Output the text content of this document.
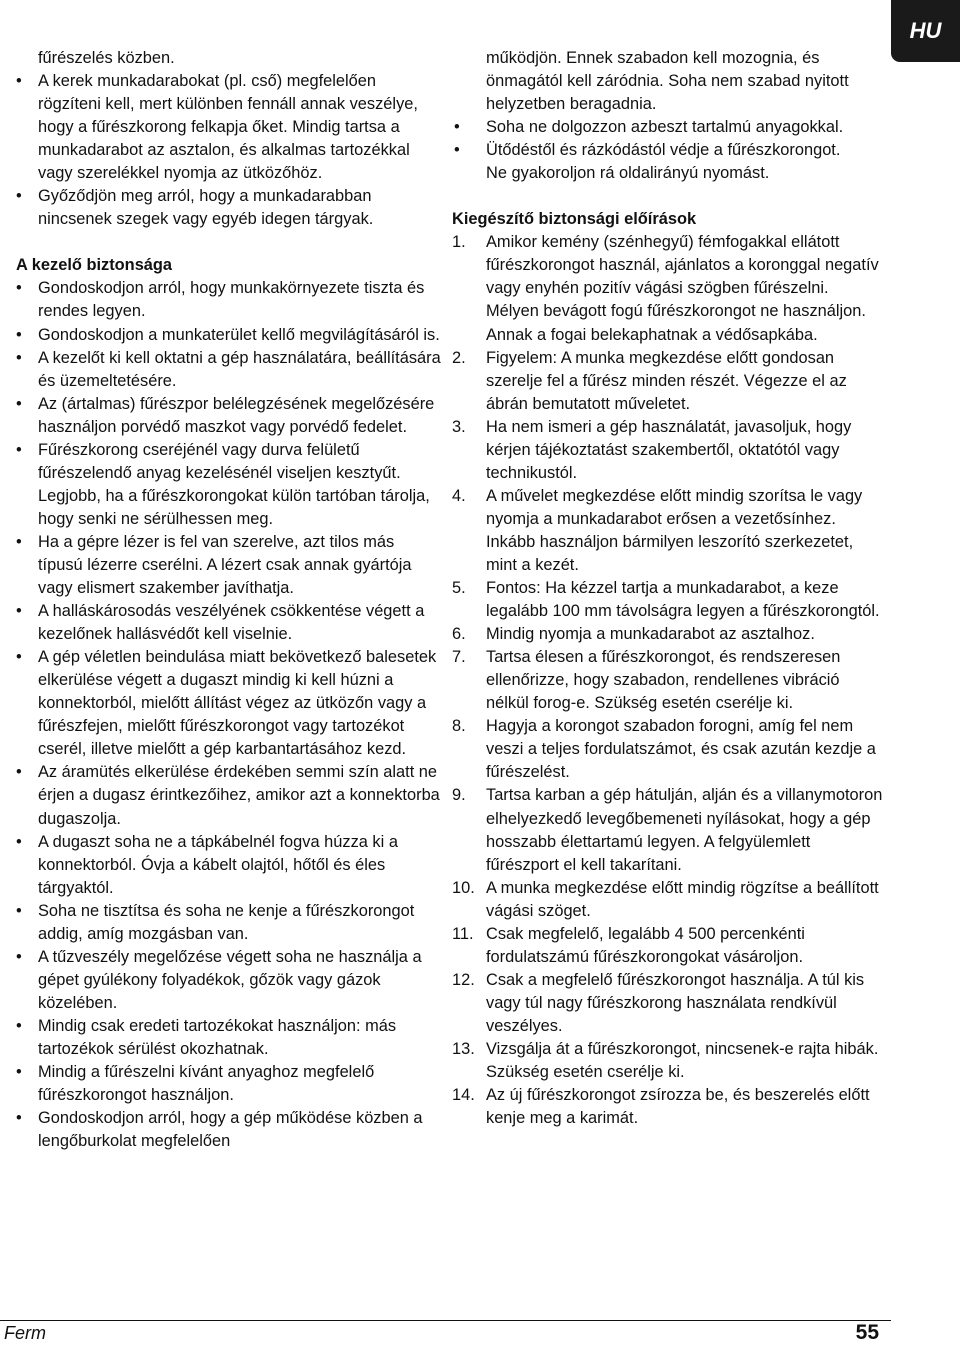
HU

fűrészelés közben.

• A kerek munkadarabokat (pl. cső) megfelelően rögzíteni kell, mert különben fennáll annak veszélye, hogy a fűrészkorong felkapja őket. Mindig tartsa a munkadarabot az asztalon, és alkalmas tartozékkal vagy szerelékkel nyomja az ütközőhöz.
• Győződjön meg arról, hogy a munkadarabban nincsenek szegek vagy egyéb idegen tárgyak.

A kezelő biztonsága

• Gondoskodjon arról, hogy munkakörnyezete tiszta és rendes legyen.
• Gondoskodjon a munkaterület kellő megvilágításáról is.
• A kezelőt ki kell oktatni a gép használatára, beállítására és üzemeltetésére.
• Az (ártalmas) fűrészpor belélegzésének megelőzésére használjon porvédő maszkot vagy porvédő fedelet.
• Fűrészkorong cseréjénél vagy durva felületű fűrészelendő anyag kezelésénél viseljen kesztyűt. Legjobb, ha a fűrészkorongokat külön tartóban tárolja, hogy senki ne sérülhessen meg.
• Ha a gépre lézer is fel van szerelve, azt tilos más típusú lézerre cserélni. A lézert csak annak gyártója vagy elismert szakember javíthatja.
• A halláskárosodás veszélyének csökkentése végett a kezelőnek hallásvédőt kell viselnie.
• A gép véletlen beindulása miatt bekövetkező balesetek elkerülése végett a dugaszt mindig ki kell húzni a konnektorból, mielőtt állítást végez az ütközőn vagy a fűrészfejen, mielőtt fűrészkorongot vagy tartozékot cserél, illetve mielőtt a gép karbantartásához kezd.
• Az áramütés elkerülése érdekében semmi szín alatt ne érjen a dugasz érintkezőihez, amikor azt a konnektorba dugaszolja.
• A dugaszt soha ne a tápkábelnél fogva húzza ki a konnektorból. Óvja a kábelt olajtól, hőtől és éles tárgyaktól.
• Soha ne tisztítsa és soha ne kenje a fűrészkorongot addig, amíg mozgásban van.
• A tűzveszély megelőzése végett soha ne használja a gépet gyúlékony folyadékok, gőzök vagy gázok közelében.
• Mindig csak eredeti tartozékokat használjon: más tartozékok sérülést okozhatnak.
• Mindig a fűrészelni kívánt anyaghoz megfelelő fűrészkorongot használjon.
• Gondoskodjon arról, hogy a gép működése közben a lengőburkolat megfelelően

működjön. Ennek szabadon kell mozognia, és önmagától kell záródnia. Soha nem szabad nyitott helyzetben beragadnia.

• Soha ne dolgozzon azbeszt tartalmú anyagokkal.
• Ütődéstől és rázkódástól védje a fűrészkorongot.

Ne gyakoroljon rá oldalirányú nyomást.

Kiegészítő biztonsági előírások

1. Amikor kemény (szénhegyű) fémfogakkal ellátott fűrészkorongot használ, ajánlatos a koronggal negatív vagy enyhén pozitív vágási szögben fűrészelni. Mélyen bevágott fogú fűrészkorongot ne használjon. Annak a fogai belekaphatnak a védősapkába.
2. Figyelem: A munka megkezdése előtt gondosan szerelje fel a fűrész minden részét. Végezze el az ábrán bemutatott műveletet.
3. Ha nem ismeri a gép használatát, javasoljuk, hogy kérjen tájékoztatást szakembertől, oktatótól vagy technikustól.
4. A művelet megkezdése előtt mindig szorítsa le vagy nyomja a munkadarabot erősen a vezetősínhez. Inkább használjon bármilyen leszorító szerkezetet, mint a kezét.
5. Fontos: Ha kézzel tartja a munkadarabot, a keze legalább 100 mm távolságra legyen a fűrészkorongtól.
6. Mindig nyomja a munkadarabot az asztalhoz.
7. Tartsa élesen a fűrészkorongot, és rendszeresen ellenőrizze, hogy szabadon, rendellenes vibráció nélkül forog-e. Szükség esetén cserélje ki.
8. Hagyja a korongot szabadon forogni, amíg fel nem veszi a teljes fordulatszámot, és csak azután kezdje a fűrészelést.
9. Tartsa karban a gép hátulján, alján és a villanymotoron elhelyezkedő levegőbemeneti nyílásokat, hogy a gép hosszabb élettartamú legyen. A felgyülemlett fűrészport el kell takarítani.
10. A munka megkezdése előtt mindig rögzítse a beállított vágási szöget.
11. Csak megfelelő, legalább 4 500 percenkénti fordulatszámú fűrészkorongokat vásároljon.
12. Csak a megfelelő fűrészkorongot használja. A túl kis vagy túl nagy fűrészkorong használata rendkívül veszélyes.
13. Vizsgálja át a fűrészkorongot, nincsenek-e rajta hibák.
Szükség esetén cserélje ki.
14. Az új fűrészkorongot zsírozza be, és beszerelés előtt kenje meg a karimát.
Ferm	55
